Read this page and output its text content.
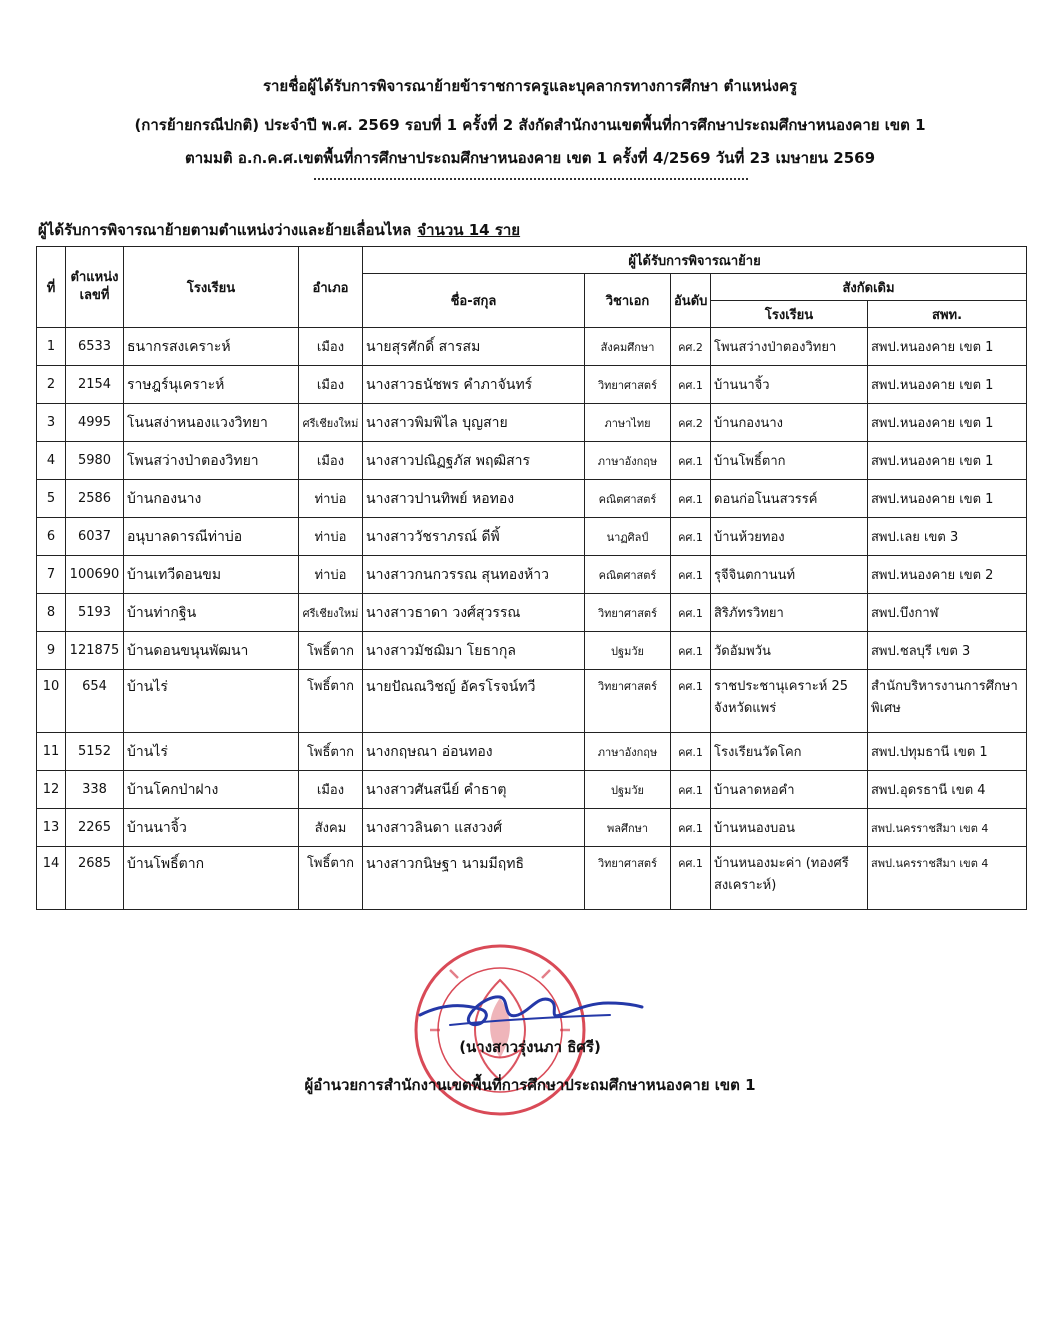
รายชื่อผู้ได้รับการพิจารณาย้ายข้าราชการครูและบุคลากรทางการศึกษา ตำแหน่งครู
(การย้ายกรณีปกติ) ประจำปี พ.ศ. 2569 รอบที่ 1 ครั้งที่ 2 สังกัดสำนักงานเขตพื้นที่การศึกษาประถมศึกษาหนองคาย เขต 1
ตามมติ อ.ก.ค.ศ.เขตพื้นที่การศึกษาประถมศึกษาหนองคาย เขต 1 ครั้งที่ 4/2569 วันที่ 23 เมษายน 2569
ผู้ได้รับการพิจารณาย้ายตามตำแหน่งว่างและย้ายเลื่อนไหล จำนวน 14 ราย
ที่	ตำแหน่งเลขที่	โรงเรียน	อำเภอ	ผู้ได้รับการพิจารณาย้าย				
				ชื่อ-สกุล	วิชาเอก	อันดับ	สังกัดเดิม	
							โรงเรียน	สพท.
1	6533	ธนากรสงเคราะห์	เมือง	นายสุรศักดิ์ สารสม	สังคมศึกษา	คศ.2	โพนสว่างป่าตองวิทยา	สพป.หนองคาย เขต 1
2	2154	ราษฎร์นุเคราะห์	เมือง	นางสาวธนัชพร คำภาจันทร์	วิทยาศาสตร์	คศ.1	บ้านนาจิ้ว	สพป.หนองคาย เขต 1
3	4995	โนนสง่าหนองแวงวิทยา	ศรีเชียงใหม่	นางสาวพิมพิไล บุญสาย	ภาษาไทย	คศ.2	บ้านกองนาง	สพป.หนองคาย เขต 1
4	5980	โพนสว่างป่าตองวิทยา	เมือง	นางสาวปณิฏฐภัส พฤฒิสาร	ภาษาอังกฤษ	คศ.1	บ้านโพธิ์ตาก	สพป.หนองคาย เขต 1
5	2586	บ้านกองนาง	ท่าบ่อ	นางสาวปานทิพย์ หอทอง	คณิตศาสตร์	คศ.1	ดอนก่อโนนสวรรค์	สพป.หนองคาย เขต 1
6	6037	อนุบาลดารณีท่าบ่อ	ท่าบ่อ	นางสาววัชราภรณ์ ดีพิ้	นาฏศิลป์	คศ.1	บ้านห้วยทอง	สพป.เลย เขต 3
7	100690	บ้านเทวีดอนขม	ท่าบ่อ	นางสาวกนกวรรณ สุนทองห้าว	คณิตศาสตร์	คศ.1	รุจีจินตกานนท์	สพป.หนองคาย เขต 2
8	5193	บ้านท่ากฐิน	ศรีเชียงใหม่	นางสาวธาดา วงศ์สุวรรณ	วิทยาศาสตร์	คศ.1	สิริภัทรวิทยา	สพป.บึงกาฬ
9	121875	บ้านดอนขนุนพัฒนา	โพธิ์ตาก	นางสาวมัชฌิมา โยธากุล	ปฐมวัย	คศ.1	วัดอัมพวัน	สพป.ชลบุรี เขต 3
10	654	บ้านไร่	โพธิ์ตาก	นายปัณณวิชญ์ อัครโรจน์ทวี	วิทยาศาสตร์	คศ.1	ราชประชานุเคราะห์ 25 จังหวัดแพร่	สำนักบริหารงานการศึกษาพิเศษ
11	5152	บ้านไร่	โพธิ์ตาก	นางกฤษณา อ่อนทอง	ภาษาอังกฤษ	คศ.1	โรงเรียนวัดโคก	สพป.ปทุมธานี เขต 1
12	338	บ้านโคกป่าฝาง	เมือง	นางสาวศันสนีย์ คำธาตุ	ปฐมวัย	คศ.1	บ้านลาดหอคำ	สพป.อุดรธานี เขต 4
13	2265	บ้านนาจิ้ว	สังคม	นางสาวลินดา แสงวงศ์	พลศึกษา	คศ.1	บ้านหนองบอน	สพป.นครราชสีมา เขต 4
14	2685	บ้านโพธิ์ตาก	โพธิ์ตาก	นางสาวกนิษฐา นามมีฤทธิ	วิทยาศาสตร์	คศ.1	บ้านหนองมะค่า (ทองศรีสงเคราะห์)	สพป.นครราชสีมา เขต 4
(นางสาวรุ่งนภา ธิศรี)
ผู้อำนวยการสำนักงานเขตพื้นที่การศึกษาประถมศึกษาหนองคาย เขต 1
